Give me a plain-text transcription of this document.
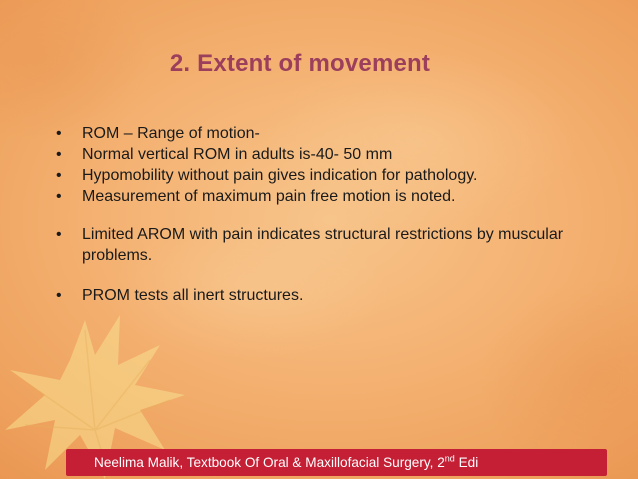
2. Extent of movement
• ROM – Range of motion-
• Normal vertical ROM in adults is-40- 50 mm
• Hypomobility without pain gives indication for pathology.
• Measurement of maximum pain free motion is noted.
• Limited AROM with pain indicates structural restrictions by muscular problems.
• PROM tests all inert structures.
Neelima Malik, Textbook Of Oral & Maxillofacial Surgery, 2nd Edi
